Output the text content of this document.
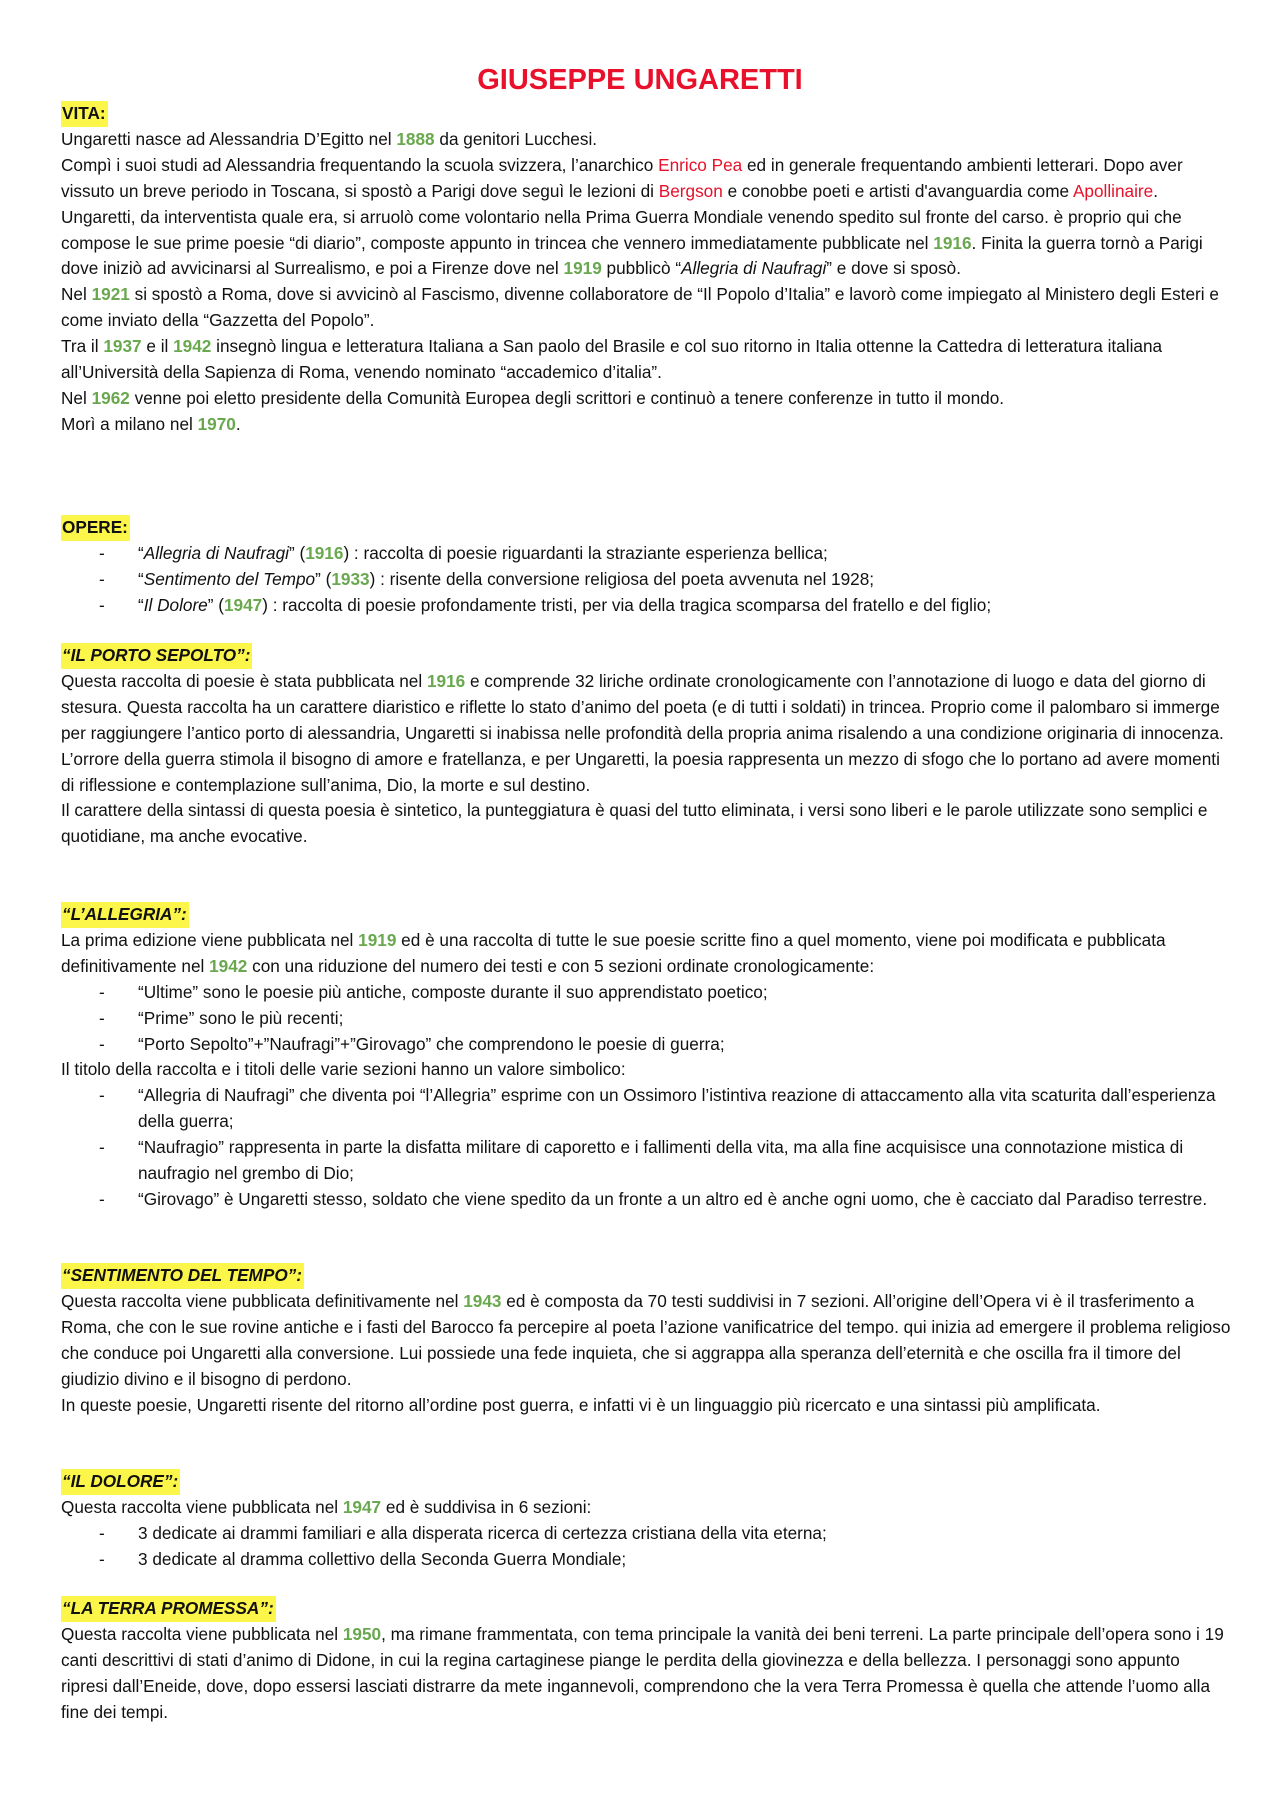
GIUSEPPE UNGARETTI
VITA:

Ungaretti nasce ad Alessandria D’Egitto nel 1888 da genitori Lucchesi.

Compì i suoi studi ad Alessandria frequentando la scuola svizzera, l’anarchico Enrico Pea ed in generale frequentando ambienti letterari. Dopo aver vissuto un breve periodo in Toscana, si spostò a Parigi dove seguì le lezioni di Bergson e conobbe poeti e artisti d'avanguardia come Apollinaire.

Ungaretti, da interventista quale era, si arruolò come volontario nella Prima Guerra Mondiale venendo spedito sul fronte del carso. è proprio qui che compose le sue prime poesie “di diario”, composte appunto in trincea che vennero immediatamente pubblicate nel 1916. Finita la guerra tornò a Parigi dove iniziò ad avvicinarsi al Surrealismo, e poi a Firenze dove nel 1919 pubblicò “Allegria di Naufragi” e dove si sposò.

Nel 1921 si spostò a Roma, dove si avvicinò al Fascismo, divenne collaboratore de “Il Popolo d’Italia” e lavorò come impiegato al Ministero degli Esteri e come inviato della “Gazzetta del Popolo”.

Tra il 1937 e il 1942 insegnò lingua e letteratura Italiana a San paolo del Brasile e col suo ritorno in Italia ottenne la Cattedra di letteratura italiana all’Università della Sapienza di Roma, venendo nominato “accademico d’italia”.

Nel 1962 venne poi eletto presidente della Comunità Europea degli scrittori e continuò a tenere conferenze in tutto il mondo.

Morì a milano nel 1970.

OPERE:
- “Allegria di Naufragi” (1916) : raccolta di poesie riguardanti la straziante esperienza bellica;
- “Sentimento del Tempo” (1933) : risente della conversione religiosa del poeta avvenuta nel 1928;
- “Il Dolore” (1947) : raccolta di poesie profondamente tristi, per via della tragica scomparsa del fratello e del figlio;
“IL PORTO SEPOLTO”:

Questa raccolta di poesie è stata pubblicata nel 1916 e comprende 32 liriche ordinate cronologicamente con l’annotazione di luogo e data del giorno di stesura. Questa raccolta ha un carattere diaristico e riflette lo stato d’animo del poeta (e di tutti i soldati) in trincea. Proprio come il palombaro si immerge per raggiungere l’antico porto di alessandria, Ungaretti si inabissa nelle profondità della propria anima risalendo a una condizione originaria di innocenza. L’orrore della guerra stimola il bisogno di amore e fratellanza, e per Ungaretti, la poesia rappresenta un mezzo di sfogo che lo portano ad avere momenti di riflessione e contemplazione sull’anima, Dio, la morte e sul destino.

Il carattere della sintassi di questa poesia è sintetico, la punteggiatura è quasi del tutto eliminata, i versi sono liberi e le parole utilizzate sono semplici e quotidiane, ma anche evocative.

“L’ALLEGRIA”:

La prima edizione viene pubblicata nel 1919 ed è una raccolta di tutte le sue poesie scritte fino a quel momento, viene poi modificata e pubblicata definitivamente nel 1942 con una riduzione del numero dei testi e con 5 sezioni ordinate cronologicamente:

- “Ultime” sono le poesie più antiche, composte durante il suo apprendistato poetico;
- “Prime” sono le più recenti;
- “Porto Sepolto”+”Naufragi”+”Girovago” che comprendono le poesie di guerra;

Il titolo della raccolta e i titoli delle varie sezioni hanno un valore simbolico:

- “Allegria di Naufragi” che diventa poi “l’Allegria” esprime con un Ossimoro l’istintiva reazione di attaccamento alla vita scaturita dall’esperienza della guerra;
- “Naufragio” rappresenta in parte la disfatta militare di caporetto e i fallimenti della vita, ma alla fine acquisisce una connotazione mistica di naufragio nel grembo di Dio;
- “Girovago” è Ungaretti stesso, soldato che viene spedito da un fronte a un altro ed è anche ogni uomo, che è cacciato dal Paradiso terrestre.
“SENTIMENTO DEL TEMPO”:

Questa raccolta viene pubblicata definitivamente nel 1943 ed è composta da 70 testi suddivisi in 7 sezioni. All’origine dell’Opera vi è il trasferimento a Roma, che con le sue rovine antiche e i fasti del Barocco fa percepire al poeta l’azione vanificatrice del tempo. qui inizia ad emergere il problema religioso che conduce poi Ungaretti alla conversione. Lui possiede una fede inquieta, che si aggrappa alla speranza dell’eternità e che oscilla fra il timore del giudizio divino e il bisogno di perdono.

In queste poesie, Ungaretti risente del ritorno all’ordine post guerra, e infatti vi è un linguaggio più ricercato e una sintassi più amplificata.

“IL DOLORE”:

Questa raccolta viene pubblicata nel 1947 ed è suddivisa in 6 sezioni:

- 3 dedicate ai drammi familiari e alla disperata ricerca di certezza cristiana della vita eterna;
- 3 dedicate al dramma collettivo della Seconda Guerra Mondiale;
“LA TERRA PROMESSA”:

Questa raccolta viene pubblicata nel 1950, ma rimane frammentata, con tema principale la vanità dei beni terreni. La parte principale dell’opera sono i 19 canti descrittivi di stati d’animo di Didone, in cui la regina cartaginese piange le perdita della giovinezza e della bellezza. I personaggi sono appunto ripresi dall’Eneide, dove, dopo essersi lasciati distrarre da mete ingannevoli, comprendono che la vera Terra Promessa è quella che attende l’uomo alla fine dei tempi.
